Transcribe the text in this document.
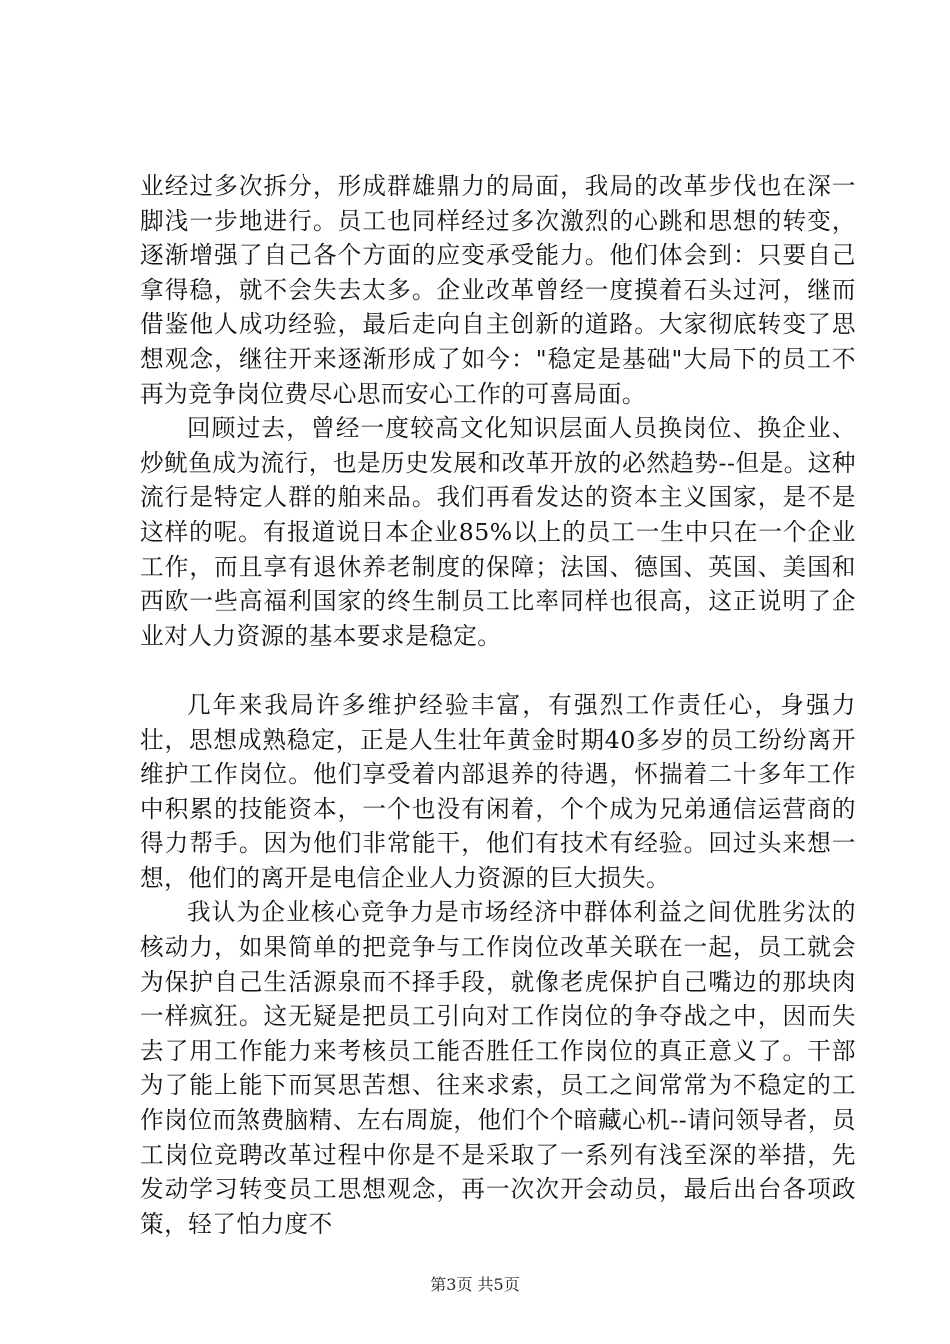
业经过多次拆分，形成群雄鼎力的局面，我局的改革步伐也在深一脚浅一步地进行。员工也同样经过多次激烈的心跳和思想的转变，逐渐增强了自己各个方面的应变承受能力。他们体会到：只要自己拿得稳，就不会失去太多。企业改革曾经一度摸着石头过河，继而借鉴他人成功经验，最后走向自主创新的道路。大家彻底转变了思想观念，继往开来逐渐形成了如今："稳定是基础"大局下的员工不再为竞争岗位费尽心思而安心工作的可喜局面。

回顾过去，曾经一度较高文化知识层面人员换岗位、换企业、炒鱿鱼成为流行，也是历史发展和改革开放的必然趋势--但是。这种流行是特定人群的舶来品。我们再看发达的资本主义国家，是不是这样的呢。有报道说日本企业85%以上的员工一生中只在一个企业工作，而且享有退休养老制度的保障；法国、德国、英国、美国和西欧一些高福利国家的终生制员工比率同样也很高，这正说明了企业对人力资源的基本要求是稳定。

几年来我局许多维护经验丰富，有强烈工作责任心，身强力壮，思想成熟稳定，正是人生壮年黄金时期40多岁的员工纷纷离开维护工作岗位。他们享受着内部退养的待遇，怀揣着二十多年工作中积累的技能资本，一个也没有闲着，个个成为兄弟通信运营商的得力帮手。因为他们非常能干，他们有技术有经验。回过头来想一想，他们的离开是电信企业人力资源的巨大损失。

我认为企业核心竞争力是市场经济中群体利益之间优胜劣汰的核动力，如果简单的把竞争与工作岗位改革关联在一起，员工就会为保护自己生活源泉而不择手段，就像老虎保护自己嘴边的那块肉一样疯狂。这无疑是把员工引向对工作岗位的争夺战之中，因而失去了用工作能力来考核员工能否胜任工作岗位的真正意义了。干部为了能上能下而冥思苦想、往来求索，员工之间常常为不稳定的工作岗位而煞费脑精、左右周旋，他们个个暗藏心机--请问领导者，员工岗位竞聘改革过程中你是不是采取了一系列有浅至深的举措，先发动学习转变员工思想观念，再一次次开会动员，最后出台各项政策，轻了怕力度不

第3页 共5页
